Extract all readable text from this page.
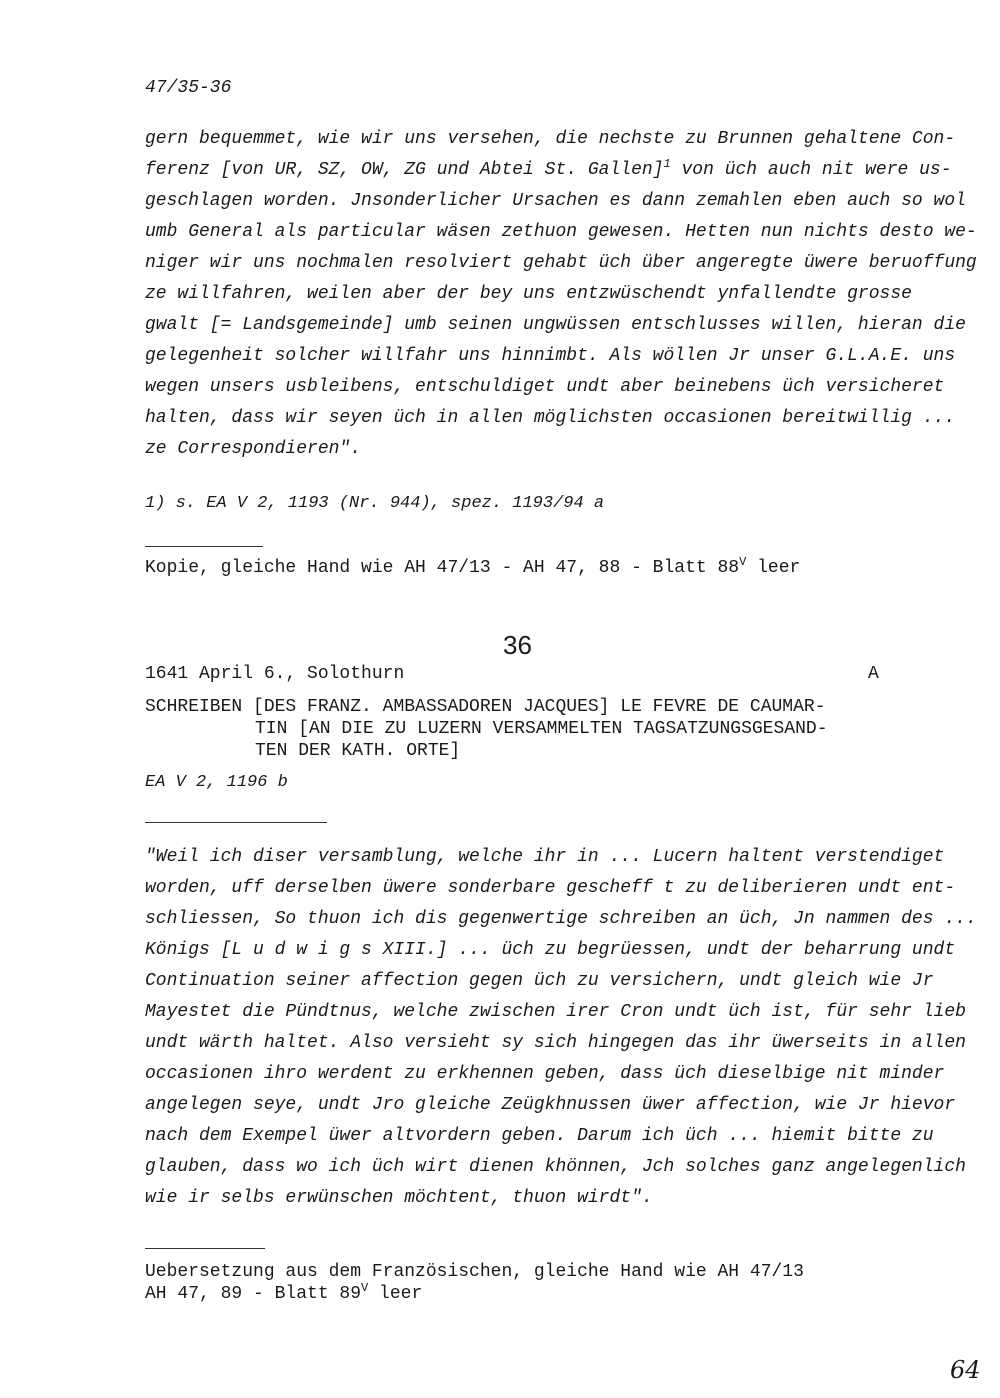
47/35-36
gern bequemmet, wie wir uns versehen, die nechste zu Brunnen gehaltene Con-
ferenz [von UR, SZ, OW, ZG und Abtei St. Gallen]$^1$ von üch auch nit were us-
geschlagen worden. Jnsonderlicher Ursachen es dann zemahlen eben auch so wol
umb General als particular wäsen zethuon gewesen. Hetten nun nichts desto we-
niger wir uns nochmalen resolviert gehabt üch über angeregte üwere beruoffung
ze willfahren, weilen aber der bey uns entzwüschendt ynfallendte grosse
gwalt [= Landsgemeinde] umb seinen ungwüssen entschlusses willen, hieran die
gelegenheit solcher willfahr uns hinnimbt. Als wöllen Jr unser G.L.A.E. uns
wegen unsers usbleibens, entschuldiget undt aber beinebens üch versicheret
halten, dass wir seyen üch in allen möglichsten occasionen bereitwillig ...
ze Correspondieren".
1) s. EA V 2, 1193 (Nr. 944), spez. 1193/94 a
Kopie, gleiche Hand wie AH 47/13 - AH 47, 88 - Blatt $88^V$ leer
36
1641 April 6., Solothurn	A
SCHREIBEN [DES FRANZ. AMBASSADOREN JACQUES] LE FEVRE DE CAUMAR-
TIN [AN DIE ZU LUZERN VERSAMMELTEN TAGSATZUNGSGESAND-
TEN DER KATH. ORTE]
EA V 2, 1196 b
"Weil ich diser versamblung, welche ihr in ... Lucern haltent verstendiget
worden, uff derselben üwere sonderbare gescheff t zu deliberieren undt ent-
schliessen, So thuon ich dis gegenwertige schreiben an üch, Jn nammen des ...
Königs [L u d w i g s XIII.] ... üch zu begrüessen, undt der beharrung undt
Continuation seiner affection gegen üch zu versichern, undt gleich wie Jr
Mayestet die Pündtnus, welche zwischen irer Cron undt üch ist, für sehr lieb
undt wärth haltet. Also versieht sy sich hingegen das ihr üwerseits in allen
occasionen ihro werdent zu erkhennen geben, dass üch dieselbige nit minder
angelegen seye, undt Jro gleiche Zeügkhnussen üwer affection, wie Jr hievor
nach dem Exempel üwer altvordern geben. Darum ich üch ... hiemit bitte zu
glauben, dass wo ich üch wirt dienen khönnen, Jch solches ganz angelegenlich
wie ir selbs erwünschen möchtent, thuon wirdt".
Uebersetzung aus dem Französischen, gleiche Hand wie AH 47/13
AH 47, 89 - Blatt $89^V$ leer
64
